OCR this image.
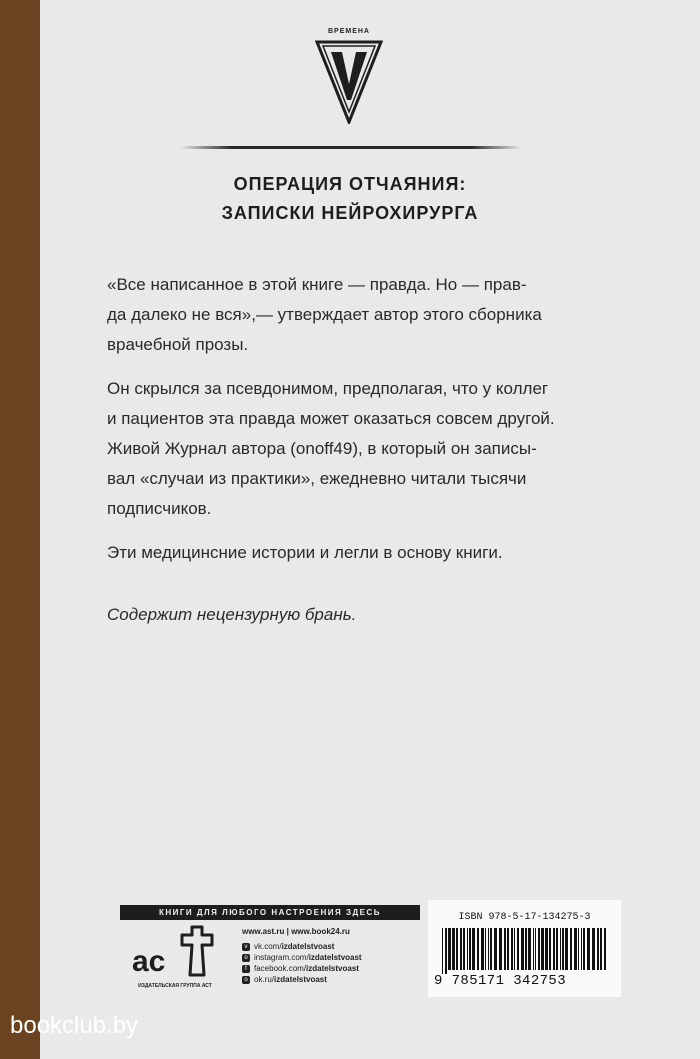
ВРЕМЕНА
ОПЕРАЦИЯ ОТЧАЯНИЯ:
ЗАПИСКИ НЕЙРОХИРУРГА
«Все написанное в этой книге — правда. Но — прав-
да далеко не вся»,— утверждает автор этого сборника
врачебной прозы.
Он скрылся за псевдонимом, предполагая, что у коллег
и пациентов эта правда может оказаться совсем другой.
Живой Журнал автора (onoff49), в который он записы-
вал «случаи из практики», ежедневно читали тысячи
подписчиков.
Эти медицинсние истории и легли в основу книги.
Содержит нецензурную брань.
КНИГИ ДЛЯ ЛЮБОГО НАСТРОЕНИЯ ЗДЕСЬ
ac
ИЗДАТЕЛЬСКАЯ ГРУППА АСТ
www.ast.ru | www.book24.ru
v vk.com/ izdatelstvoast
o instagram.com/ izdatelstvoast
f facebook.com/ izdatelstvoast
o ok.ru/ izdatelstvoast
ISBN 978-5-17-134275-3
9 785171 342753
bookclub.by
